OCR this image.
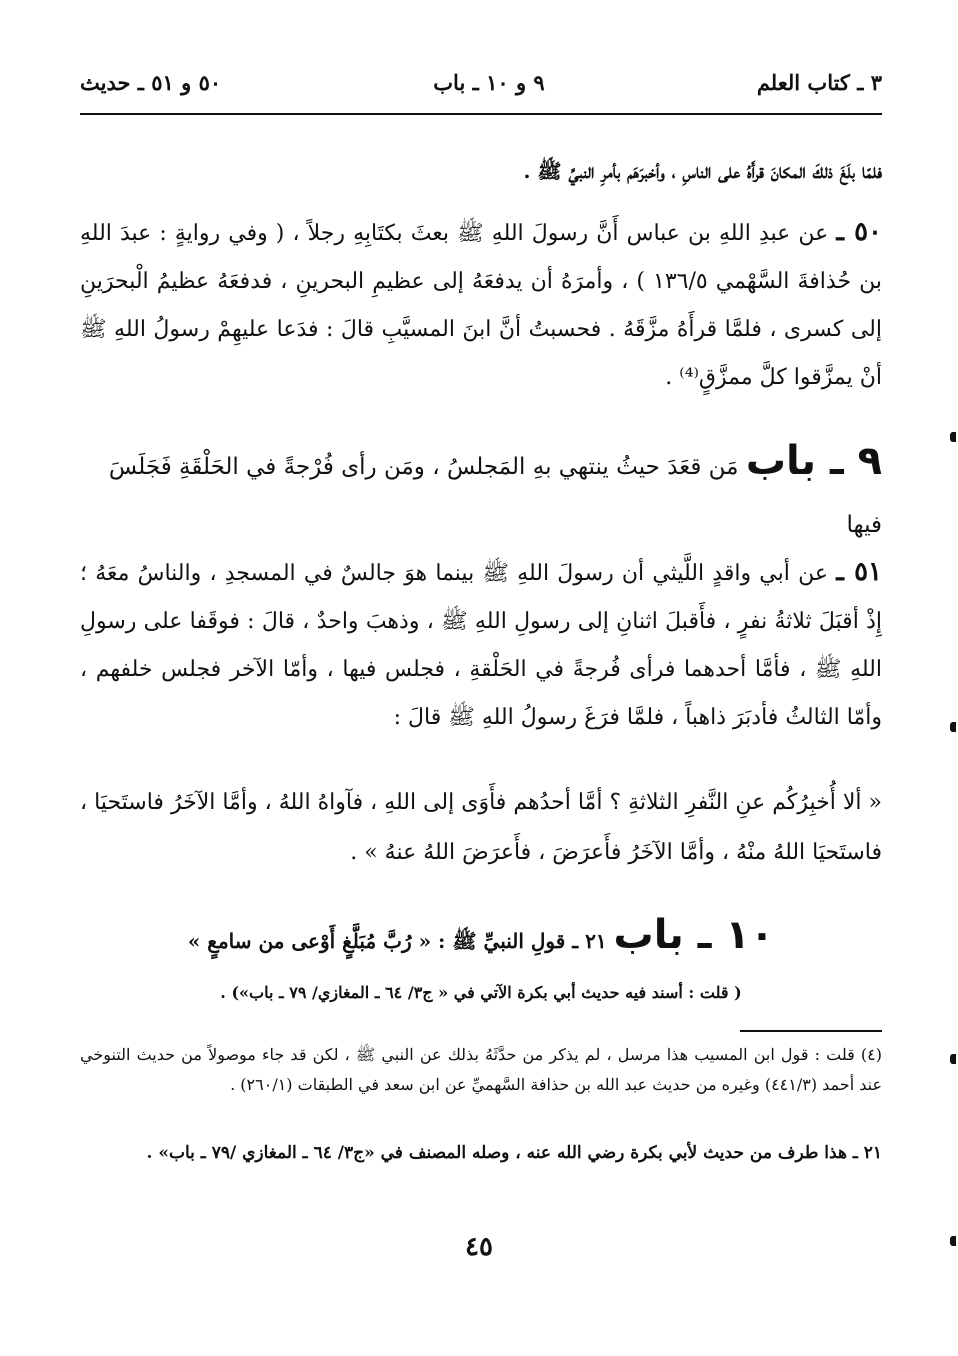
٣ ـ كتاب العلم
٩ و ١٠ ـ باب
٥٠ و ٥١ ـ حديث
فلمّا بلَغَ ذلكَ المكانَ قرأَهُ على الناسِ ، وأخبرَهَم بأمرِ النبيِّ ﷺ .
٥٠ ـ عن عبدِ اللهِ بن عباس أَنَّ رسولَ اللهِ ﷺ بعثَ بكتَابِهِ رجلاً ، ( وفي روايةٍ : عبدَ اللهِ بن حُذافةَ السَّهْمي ١٣٦/٥ ) ، وأمرَهُ أن يدفعَهُ إلى عظيمِ البحرينِ ، فدفعَهُ عظيمُ الْبحرَينِ إلى كسرى ، فلمَّا قرأَهُ مزَّقَهُ . فحسبتُ أنَّ ابنَ المسيَّبِ قالَ : فدَعا عليهِمْ رسولُ اللهِ ﷺ أنْ يمزَّقوا كلَّ ممزَّقٍ⁽⁴⁾ .
٩ ـ باب مَن قعَدَ حيثُ ينتهي بهِ المَجلسُ ، ومَن رأى فُرْجةً في الحَلْقَةِ فَجَلَسَ فيها
٥١ ـ عن أبي واقدٍ اللَّيثي أن رسولَ اللهِ ﷺ بينما هوَ جالسٌ في المسجدِ ، والناسُ معَهُ ؛ إِذْ أقبَلَ ثلاثةُ نفرٍ ، فأَقبلَ اثنانِ إلى رسولِ اللهِ ﷺ ، وذهبَ واحدٌ ، قالَ : فوقَفا على رسولِ اللهِ ﷺ ، فأمَّا أحدهما فرأى فُرجةً في الحَلْقةِ ، فجلس فيها ، وأمّا الآخر فجلس خلفهم ، وأمّا الثالثُ فأدبَرَ ذاهباً ، فلمَّا فرَغَ رسولُ اللهِ ﷺ قالَ :
« ألا أُخبِرُكُم عنِ النَّفرِ الثلاثةِ ؟ أمَّا أحدُهم فأَوَى إلى اللهِ ، فآواهُ اللهُ ، وأمَّا الآخَرُ فاستَحيَا ، فاستَحيَا اللهُ منْهُ ، وأمَّا الآخَرُ فأَعرَضَ ، فأَعرَضَ اللهُ عنهُ » .
١٠ ـ باب ٢١ ـ قولِ النبيِّ ﷺ : « رُبَّ مُبَلَّغٍ أَوْعى من سامعٍ »
( قلت : أسند فيه حديث أبي بكرة الآتي في « ج٣/ ٦٤ ـ المغازي/ ٧٩ ـ باب») .
(٤) قلت : قول ابن المسيب هذا مرسل ، لم يذكر من حدَّثَهُ بذلك عن النبي ﷺ ، لكن قد جاء موصولاً من حديث التنوخي عند أحمد (٤٤١/٣) وغيره من حديث عبد الله بن حذافة السَّهميِّ عن ابن سعد في الطبقات (٢٦٠/١) .
٢١ ـ هذا طرف من حديث لأبي بكرة رضي الله عنه ، وصله المصنف في «ج٣/ ٦٤ ـ المغازي /٧٩ ـ باب» .
٤٥
